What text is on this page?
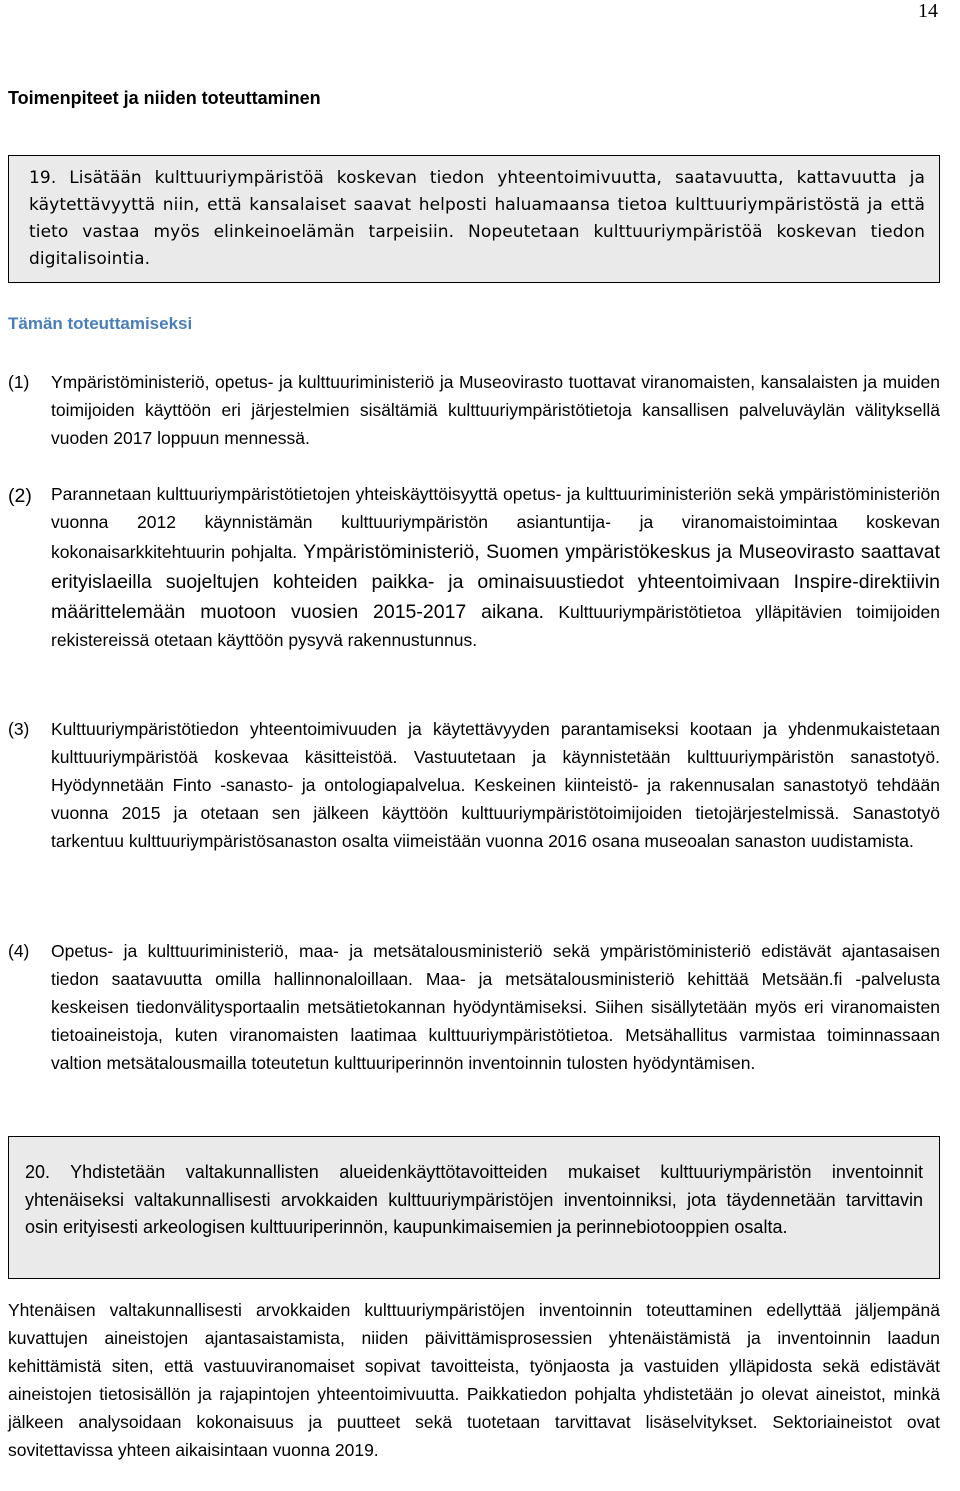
14
Toimenpiteet ja niiden toteuttaminen

19. Lisätään kulttuuriympäristöä koskevan tiedon yhteentoimivuutta, saatavuutta, kattavuutta ja käytettävyyttä niin, että kansalaiset saavat helposti haluamaansa tietoa kulttuuriympäristöstä ja että tieto vastaa myös elinkeinoelämän tarpeisiin. Nopeutetaan kulttuuriympäristöä koskevan tiedon digitalisointia.

Tämän toteuttamiseksi
(1) Ympäristöministeriö, opetus- ja kulttuuriministeriö ja Museovirasto tuottavat viranomaisten, kansalaisten ja muiden toimijoiden käyttöön eri järjestelmien sisältämiä kulttuuriympäristötietoja kansallisen palveluväylän välityksellä vuoden 2017 loppuun mennessä.

(2) Parannetaan kulttuuriympäristötietojen yhteiskäyttöisyyttä opetus- ja kulttuuriministeriön sekä ympäristöministeriön vuonna 2012 käynnistämän kulttuuriympäristön asiantuntija- ja viranomaistoimintaa koskevan kokonaisarkkitehtuurin pohjalta. Ympäristöministeriö, Suomen ympäristökeskus ja Museovirasto saattavat erityislaeilla suojeltujen kohteiden paikka- ja ominaisuustiedot yhteentoimivaan Inspire-direktiivin määrittelemään muotoon vuosien 2015-2017 aikana. Kulttuuriympäristötietoa ylläpitävien toimijoiden rekistereissä otetaan käyttöön pysyvä rakennustunnus.

(3) Kulttuuriympäristötiedon yhteentoimivuuden ja käytettävyyden parantamiseksi kootaan ja yhdenmukaistetaan kulttuuriympäristöä koskevaa käsitteistöä. Vastuutetaan ja käynnistetään kulttuuriympäristön sanastotyö. Hyödynnetään Finto -sanasto- ja ontologiapalvelua. Keskeinen kiinteistö- ja rakennusalan sanastotyö tehdään vuonna 2015 ja otetaan sen jälkeen käyttöön kulttuuriympäristötoimijoiden tietojärjestelmissä. Sanastotyö tarkentuu kulttuuriympäristösanaston osalta viimeistään vuonna 2016 osana museoalan sanaston uudistamista.

(4) Opetus- ja kulttuuriministeriö, maa- ja metsätalousministeriö sekä ympäristöministeriö edistävät ajantasaisen tiedon saatavuutta omilla hallinnonaloillaan. Maa- ja metsätalousministeriö kehittää Metsään.fi -palvelusta keskeisen tiedonvälitysportaalin metsätietokannan hyödyntämiseksi. Siihen sisällytetään myös eri viranomaisten tietoaineistoja, kuten viranomaisten laatimaa kulttuuriympäristötietoa. Metsähallitus varmistaa toiminnassaan valtion metsätalousmailla toteutetun kulttuuriperinnön inventoinnin tulosten hyödyntämisen.

20. Yhdistetään valtakunnallisten alueidenkäyttötavoitteiden mukaiset kulttuuriympäristön inventoinnit yhtenäiseksi valtakunnallisesti arvokkaiden kulttuuriympäristöjen inventoinniksi, jota täydennetään tarvittavin osin erityisesti arkeologisen kulttuuriperinnön, kaupunkimaisemien ja perinnebiotooppien osalta.

Yhtenäisen valtakunnallisesti arvokkaiden kulttuuriympäristöjen inventoinnin toteuttaminen edellyttää jäljempänä kuvattujen aineistojen ajantasaistamista, niiden päivittämisprosessien yhtenäistämistä ja inventoinnin laadun kehittämistä siten, että vastuuviranomaiset sopivat tavoitteista, työnjaosta ja vastuiden ylläpidosta sekä edistävät aineistojen tietosisällön ja rajapintojen yhteentoimivuutta. Paikkatiedon pohjalta yhdistetään jo olevat aineistot, minkä jälkeen analysoidaan kokonaisuus ja puutteet sekä tuotetaan tarvittavat lisäselvitykset. Sektoriaineistot ovat sovitettavissa yhteen aikaisintaan vuonna 2019.
